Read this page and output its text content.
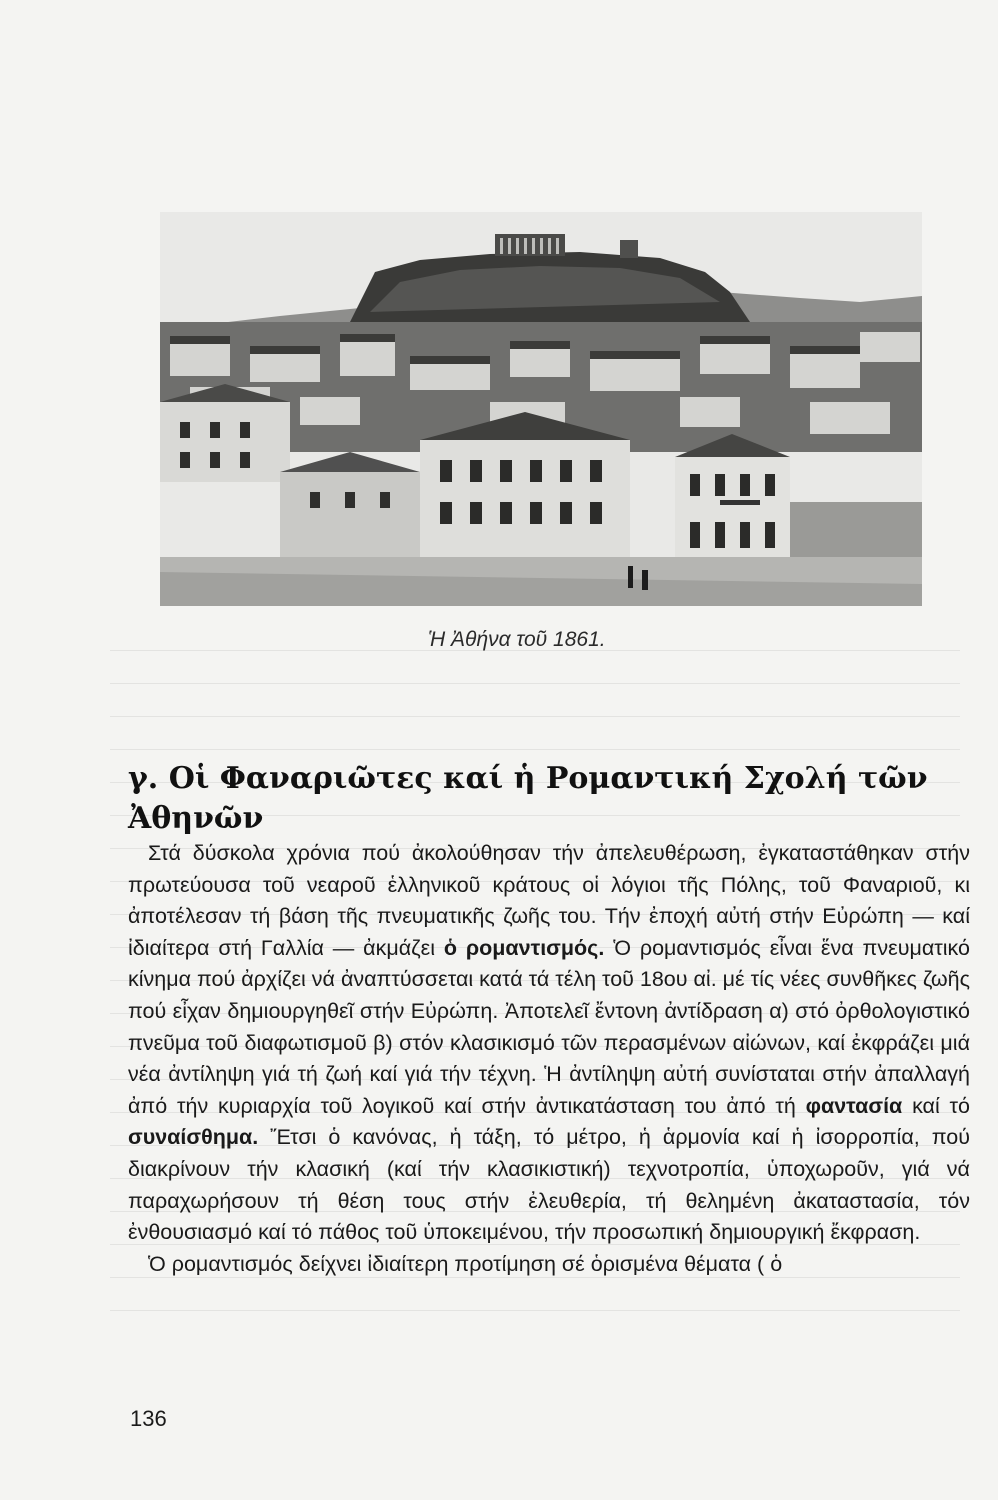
Ἡ Ἀθήνα τοῦ 1861.
γ. Οἱ Φαναριῶτες καί ἡ Ρομαντική Σχολή τῶν Ἀθηνῶν

Στά δύσκολα χρόνια πού ἀκολούθησαν τήν ἀπελευθέρωση, ἐγκαταστάθηκαν στήν πρωτεύουσα τοῦ νεαροῦ ἑλληνικοῦ κράτους οἱ λόγιοι τῆς Πόλης, τοῦ Φαναριοῦ, κι ἀποτέλεσαν τή βάση τῆς πνευματικῆς ζωῆς του. Τήν ἐποχή αὐτή στήν Εὐρώπη — καί ἰδιαίτερα στή Γαλλία — ἀκμάζει ὁ ρομαντισμός. Ὁ ρομαντισμός εἶναι ἕνα πνευματικό κίνημα πού ἀρχίζει νά ἀναπτύσσεται κατά τά τέλη τοῦ 18ου αἰ. μέ τίς νέες συνθῆκες ζωῆς πού εἶχαν δημιουργηθεῖ στήν Εὐρώπη. Ἀποτελεῖ ἔντονη ἀντίδραση α) στό ὀρθολογιστικό πνεῦμα τοῦ διαφωτισμοῦ β) στόν κλασικισμό τῶν περασμένων αἰώνων, καί ἐκφράζει μιά νέα ἀντίληψη γιά τή ζωή καί γιά τήν τέχνη. Ἡ ἀντίληψη αὐτή συνίσταται στήν ἀπαλλαγή ἀπό τήν κυριαρχία τοῦ λογικοῦ καί στήν ἀντικατάσταση του ἀπό τή φαντασία καί τό συναίσθημα. Ἔτσι ὁ κανόνας, ἡ τάξη, τό μέτρο, ἡ ἁρμονία καί ἡ ἰσορροπία, πού διακρίνουν τήν κλασική (καί τήν κλασικιστική) τεχνοτροπία, ὑποχωροῦν, γιά νά παραχωρήσουν τή θέση τους στήν ἐλευθερία, τή θελημένη ἀκαταστασία, τόν ἐνθουσιασμό καί τό πάθος τοῦ ὑποκειμένου, τήν προσωπική δημιουργική ἔκφραση.

Ὁ ρομαντισμός δείχνει ἰδιαίτερη προτίμηση σέ ὁρισμένα θέματα ( ὁ

136
